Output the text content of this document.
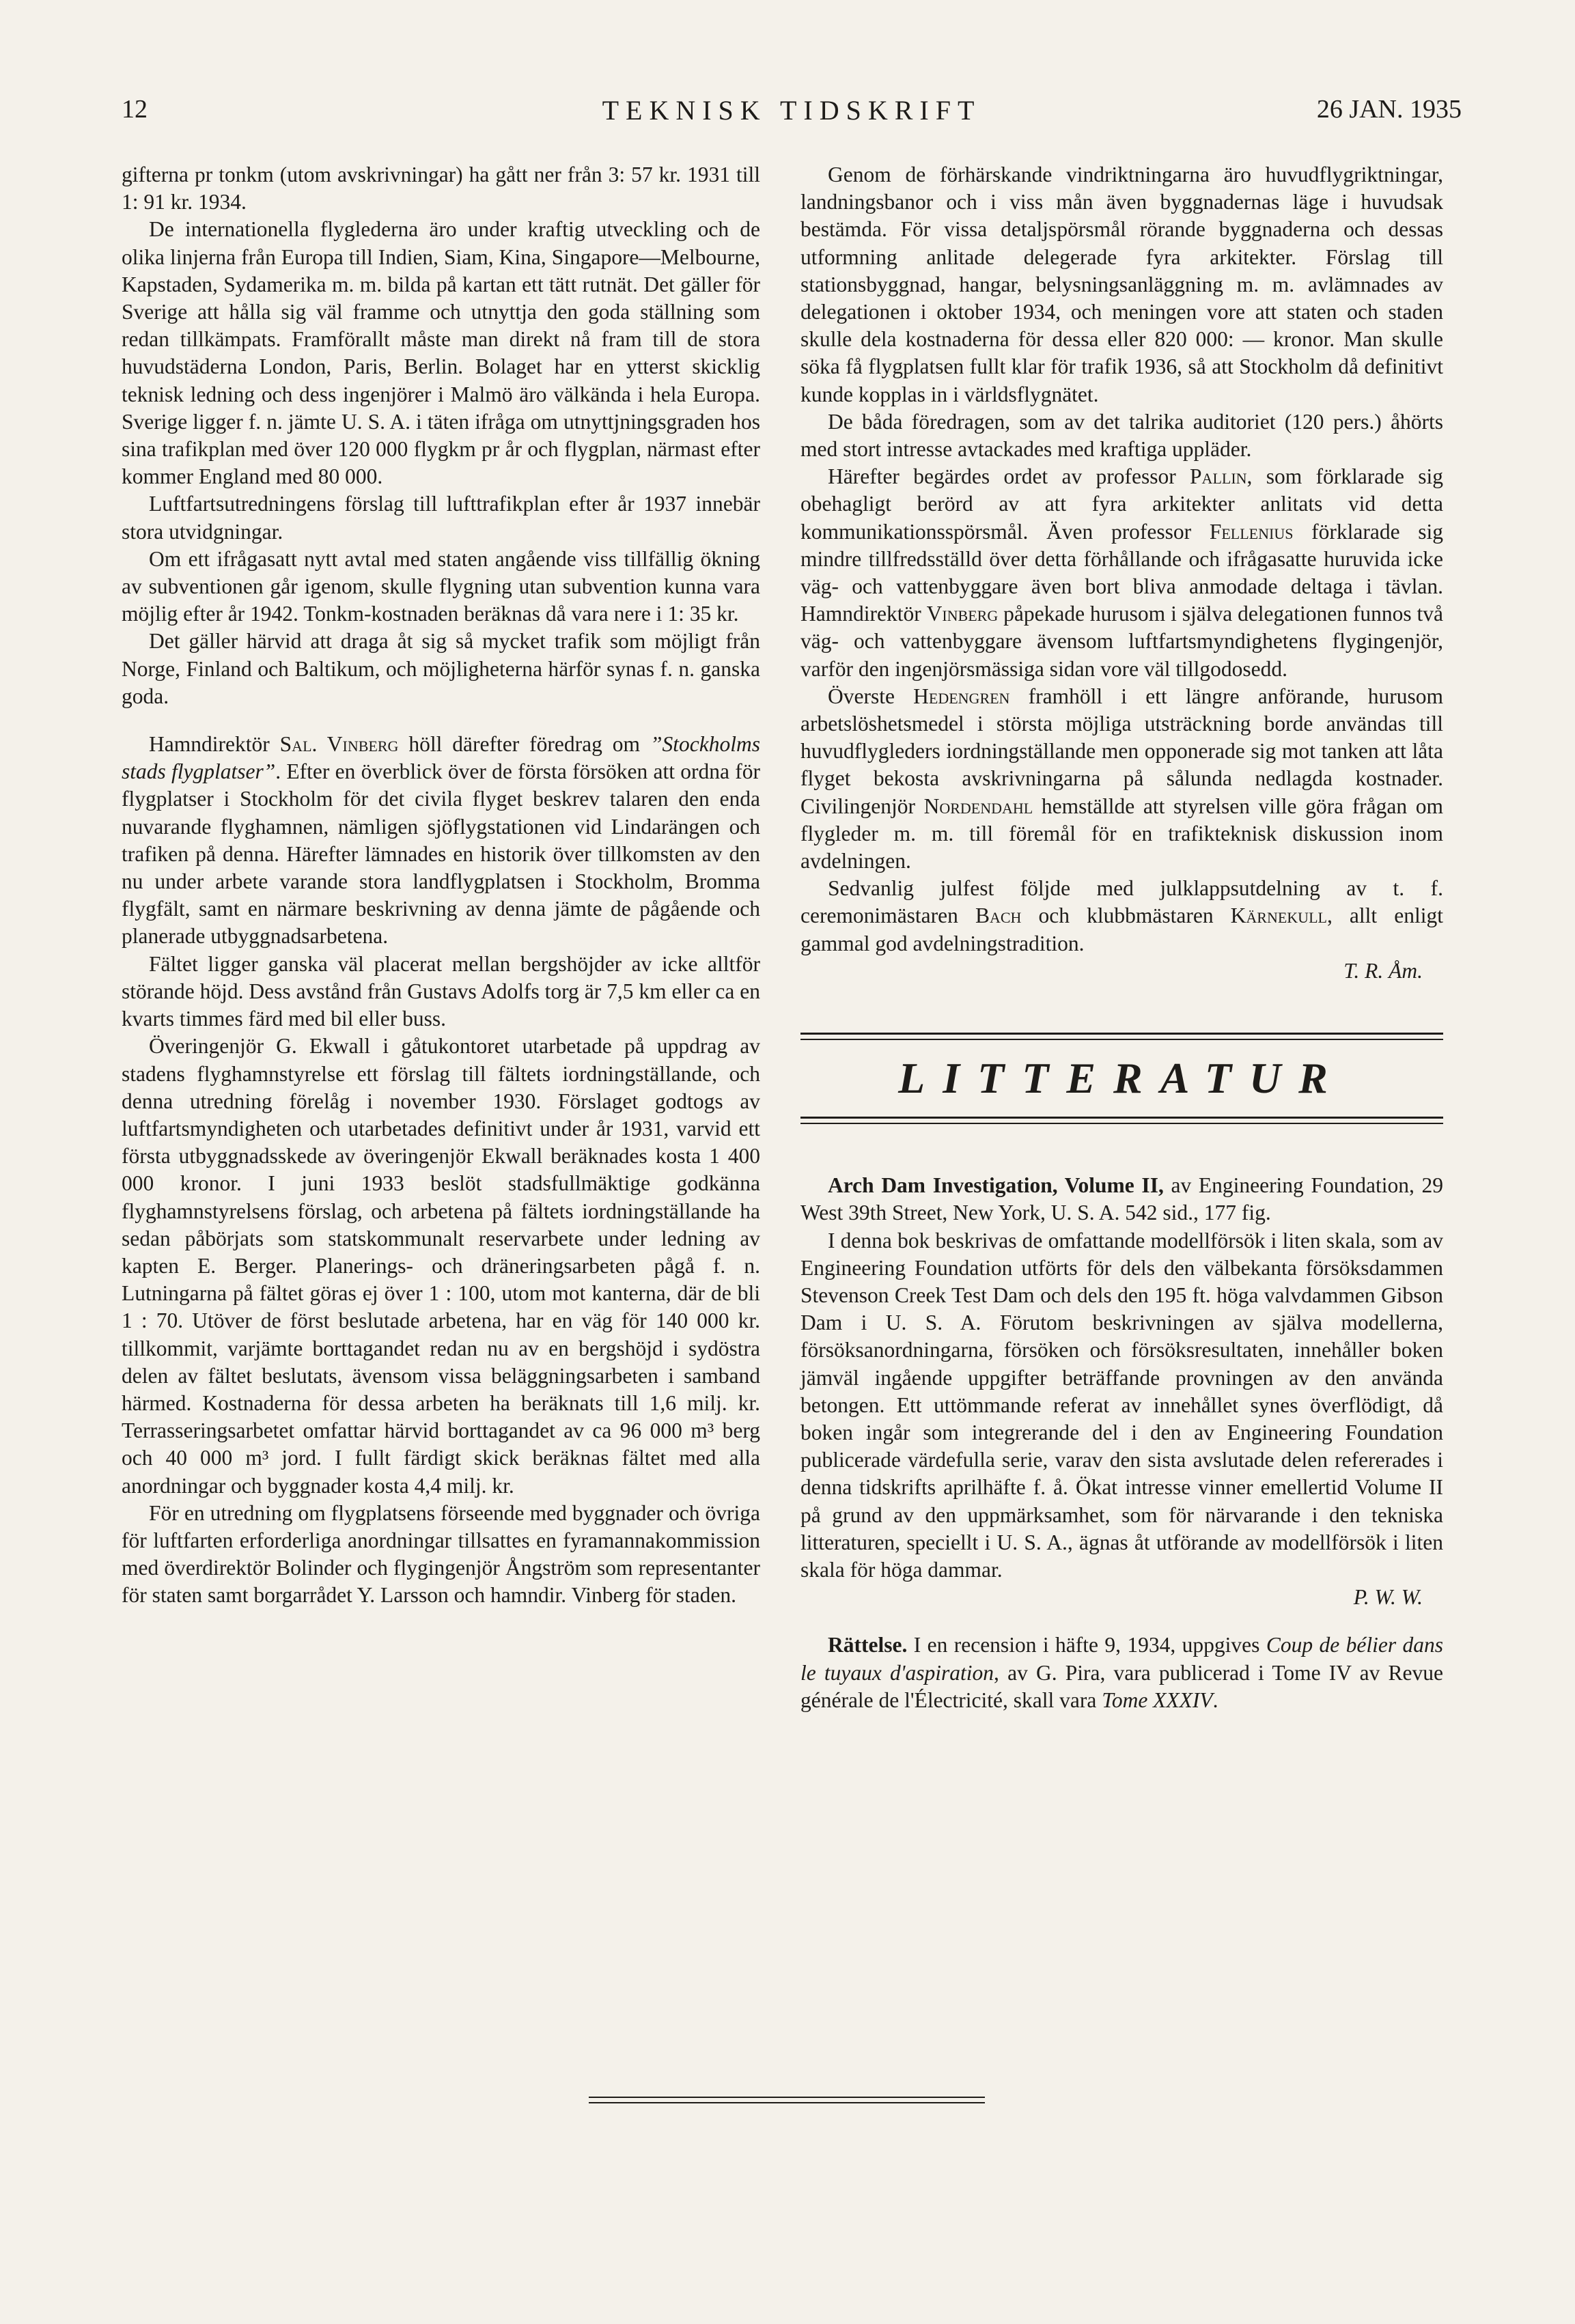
12	TEKNISK TIDSKRIFT	26 JAN. 1935

gifterna pr tonkm (utom avskrivningar) ha gått ner från 3: 57 kr. 1931 till 1: 91 kr. 1934.

De internationella flyglederna äro under kraftig utveckling och de olika linjerna från Europa till Indien, Siam, Kina, Singapore—Melbourne, Kapstaden, Sydamerika m. m. bilda på kartan ett tätt rutnät. Det gäller för Sverige att hålla sig väl framme och utnyttja den goda ställning som redan tillkämpats. Framförallt måste man direkt nå fram till de stora huvudstäderna London, Paris, Berlin. Bolaget har en ytterst skicklig teknisk ledning och dess ingenjörer i Malmö äro välkända i hela Europa. Sverige ligger f. n. jämte U. S. A. i täten ifråga om utnyttjningsgraden hos sina trafikplan med över 120 000 flygkm pr år och flygplan, närmast efter kommer England med 80 000.

Luftfartsutredningens förslag till lufttrafikplan efter år 1937 innebär stora utvidgningar.

Om ett ifrågasatt nytt avtal med staten angående viss tillfällig ökning av subventionen går igenom, skulle flygning utan subvention kunna vara möjlig efter år 1942. Tonkm-kostnaden beräknas då vara nere i 1: 35 kr.

Det gäller härvid att draga åt sig så mycket trafik som möjligt från Norge, Finland och Baltikum, och möjligheterna härför synas f. n. ganska goda.

Hamndirektör Sal. Vinberg höll därefter föredrag om ”Stockholms stads flygplatser”. Efter en överblick över de första försöken att ordna för flygplatser i Stockholm för det civila flyget beskrev talaren den enda nuvarande flyghamnen, nämligen sjöflygstationen vid Lindarängen och trafiken på denna. Härefter lämnades en historik över tillkomsten av den nu under arbete varande stora landflygplatsen i Stockholm, Bromma flygfält, samt en närmare beskrivning av denna jämte de pågående och planerade utbyggnadsarbetena.

Fältet ligger ganska väl placerat mellan bergshöjder av icke alltför störande höjd. Dess avstånd från Gustavs Adolfs torg är 7,5 km eller ca en kvarts timmes färd med bil eller buss.

Överingenjör G. Ekwall i gåtukontoret utarbetade på uppdrag av stadens flyghamnstyrelse ett förslag till fältets iordningställande, och denna utredning förelåg i november 1930. Förslaget godtogs av luftfartsmyndigheten och utarbetades definitivt under år 1931, varvid ett första utbyggnadsskede av överingenjör Ekwall beräknades kosta 1 400 000 kronor. I juni 1933 beslöt stadsfullmäktige godkänna flyghamnstyrelsens förslag, och arbetena på fältets iordningställande ha sedan påbörjats som statskommunalt reservarbete under ledning av kapten E. Berger. Planerings- och dräneringsarbeten pågå f. n. Lutningarna på fältet göras ej över 1 : 100, utom mot kanterna, där de bli 1 : 70. Utöver de först beslutade arbetena, har en väg för 140 000 kr. tillkommit, varjämte borttagandet redan nu av en bergshöjd i sydöstra delen av fältet beslutats, ävensom vissa beläggningsarbeten i samband härmed. Kostnaderna för dessa arbeten ha beräknats till 1,6 milj. kr. Terrasseringsarbetet omfattar härvid borttagandet av ca 96 000 m³ berg och 40 000 m³ jord. I fullt färdigt skick beräknas fältet med alla anordningar och byggnader kosta 4,4 milj. kr.

För en utredning om flygplatsens förseende med byggnader och övriga för luftfarten erforderliga anordningar tillsattes en fyramannakommission med överdirektör Bolinder och flygingenjör Ångström som representanter för staten samt borgarrådet Y. Larsson och hamndir. Vinberg för staden.

Genom de förhärskande vindriktningarna äro huvudflygriktningar, landningsbanor och i viss mån även byggnadernas läge i huvudsak bestämda. För vissa detaljspörsmål rörande byggnaderna och dessas utformning anlitade delegerade fyra arkitekter. Förslag till stationsbyggnad, hangar, belysningsanläggning m. m. avlämnades av delegationen i oktober 1934, och meningen vore att staten och staden skulle dela kostnaderna för dessa eller 820 000: — kronor. Man skulle söka få flygplatsen fullt klar för trafik 1936, så att Stockholm då definitivt kunde kopplas in i världsflygnätet.

De båda föredragen, som av det talrika auditoriet (120 pers.) åhörts med stort intresse avtackades med kraftiga uppläder.

Härefter begärdes ordet av professor Pallin, som förklarade sig obehagligt berörd av att fyra arkitekter anlitats vid detta kommunikationsspörsmål. Även professor Fellenius förklarade sig mindre tillfredsställd över detta förhållande och ifrågasatte huruvida icke väg- och vattenbyggare även bort bliva anmodade deltaga i tävlan. Hamndirektör Vinberg påpekade hurusom i själva delegationen funnos två väg- och vattenbyggare ävensom luftfartsmyndighetens flygingenjör, varför den ingenjörsmässiga sidan vore väl tillgodosedd.

Överste Hedengren framhöll i ett längre anförande, hurusom arbetslöshetsmedel i största möjliga utsträckning borde användas till huvudflygleders iordningställande men opponerade sig mot tanken att låta flyget bekosta avskrivningarna på sålunda nedlagda kostnader. Civilingenjör Nordendahl hemställde att styrelsen ville göra frågan om flygleder m. m. till föremål för en trafikteknisk diskussion inom avdelningen.

Sedvanlig julfest följde med julklappsutdelning av t. f. ceremonimästaren Bach och klubbmästaren Kärnekull, allt enligt gammal god avdelningstradition.

T. R. Åm.

LITTERATUR

Arch Dam Investigation, Volume II, av Engineering Foundation, 29 West 39th Street, New York, U. S. A. 542 sid., 177 fig.

I denna bok beskrivas de omfattande modellförsök i liten skala, som av Engineering Foundation utförts för dels den välbekanta försöksdammen Stevenson Creek Test Dam och dels den 195 ft. höga valvdammen Gibson Dam i U. S. A. Förutom beskrivningen av själva modellerna, försöksanordningarna, försöken och försöksresultaten, innehåller boken jämväl ingående uppgifter beträffande provningen av den använda betongen. Ett uttömmande referat av innehållet synes överflödigt, då boken ingår som integrerande del i den av Engineering Foundation publicerade värdefulla serie, varav den sista avslutade delen refererades i denna tidskrifts aprilhäfte f. å. Ökat intresse vinner emellertid Volume II på grund av den uppmärksamhet, som för närvarande i den tekniska litteraturen, speciellt i U. S. A., ägnas åt utförande av modellförsök i liten skala för höga dammar.

P. W. W.

Rättelse. I en recension i häfte 9, 1934, uppgives Coup de bélier dans le tuyaux d'aspiration, av G. Pira, vara publicerad i Tome IV av Revue générale de l'Électricité, skall vara Tome XXXIV.
